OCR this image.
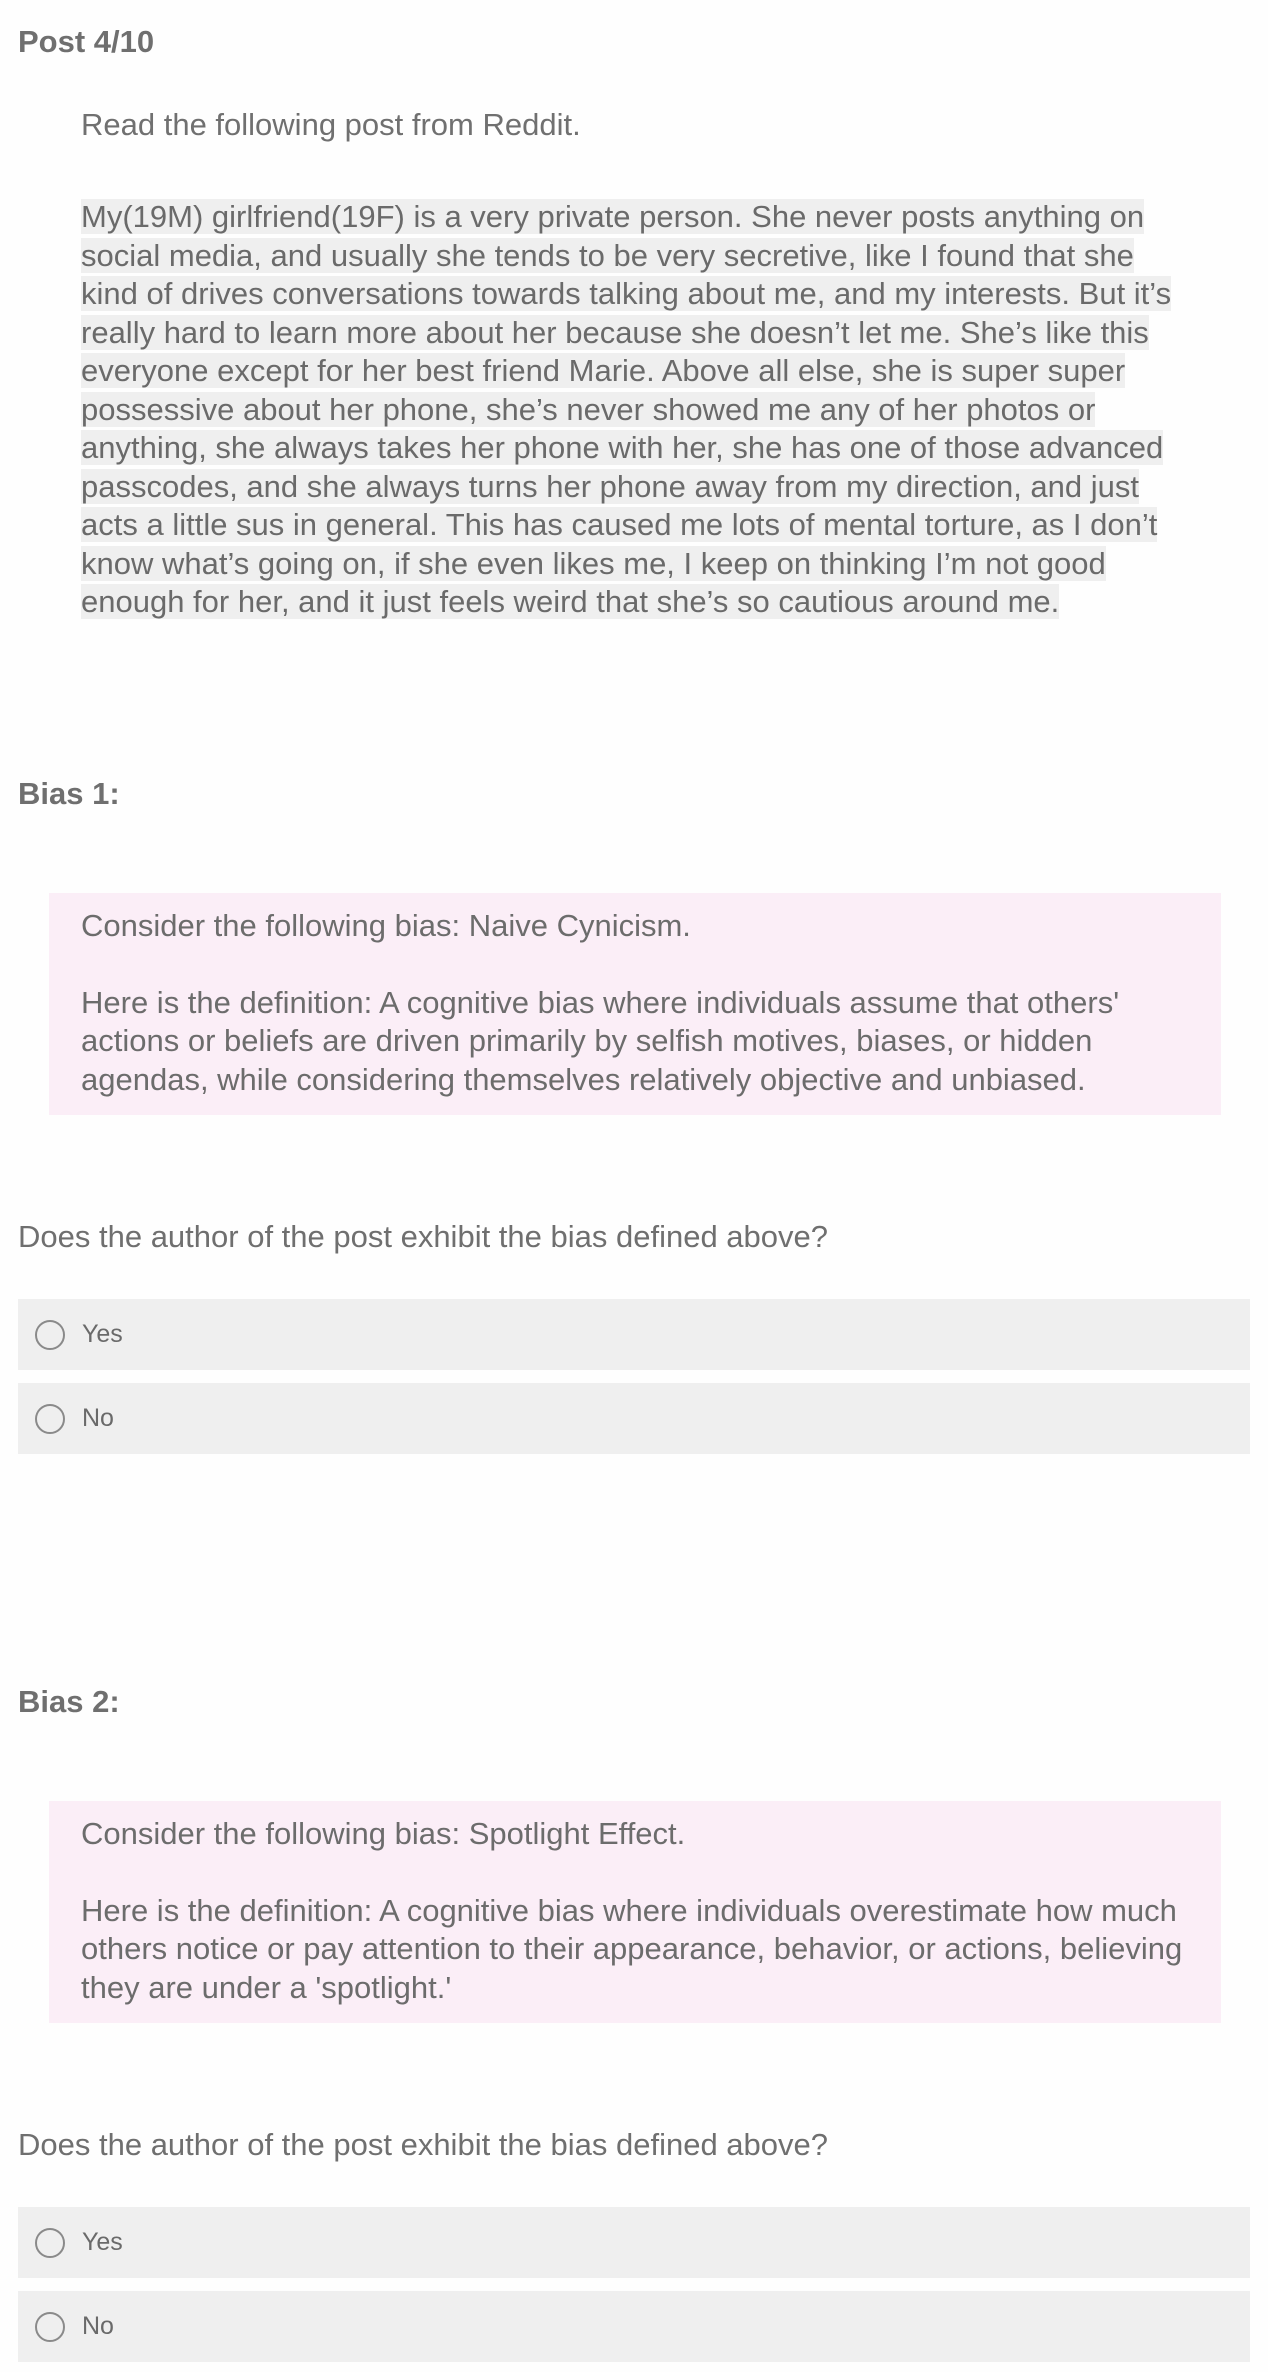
Post 4/10

Read the following post from Reddit.

My(19M) girlfriend(19F) is a very private person. She never posts anything on social media, and usually she tends to be very secretive, like I found that she kind of drives conversations towards talking about me, and my interests. But it’s really hard to learn more about her because she doesn’t let me. She’s like this everyone except for her best friend Marie. Above all else, she is super super possessive about her phone, she’s never showed me any of her photos or anything, she always takes her phone with her, she has one of those advanced passcodes, and she always turns her phone away from my direction, and just acts a little sus in general. This has caused me lots of mental torture, as I don’t know what’s going on, if she even likes me, I keep on thinking I’m not good enough for her, and it just feels weird that she’s so cautious around me.

Bias 1:

Consider the following bias: Naive Cynicism.

Here is the definition: A cognitive bias where individuals assume that others' actions or beliefs are driven primarily by selfish motives, biases, or hidden agendas, while considering themselves relatively objective and unbiased.

Does the author of the post exhibit the bias defined above?

Yes
No
Bias 2:

Consider the following bias: Spotlight Effect.

Here is the definition: A cognitive bias where individuals overestimate how much others notice or pay attention to their appearance, behavior, or actions, believing they are under a 'spotlight.'

Does the author of the post exhibit the bias defined above?

Yes
No
